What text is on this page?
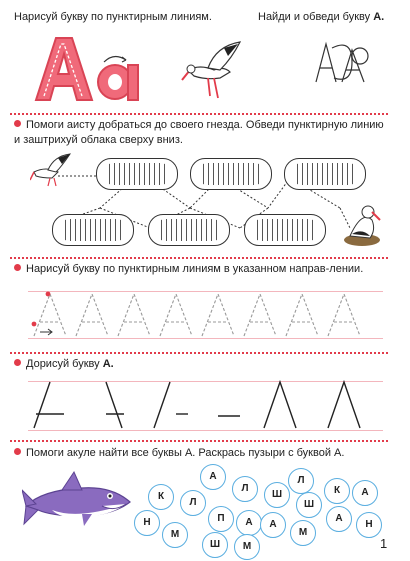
Нарисуй букву по пунктирным линиям.	Найди и обведи букву А.
Помоги аисту добраться до своего гнезда. Обведи пунктирную линию и заштрихуй облака сверху вниз.
Нарисуй букву по пунктирным линиям в указанном направ-лении.
Дорисуй букву А.
Помоги акуле найти все буквы А. Раскрась пузыри с буквой А.
А
Л
К
Л
П	А
Н
М
Ш
Ш
А
Л
Ш
М
К
А
Н
А
М	1
